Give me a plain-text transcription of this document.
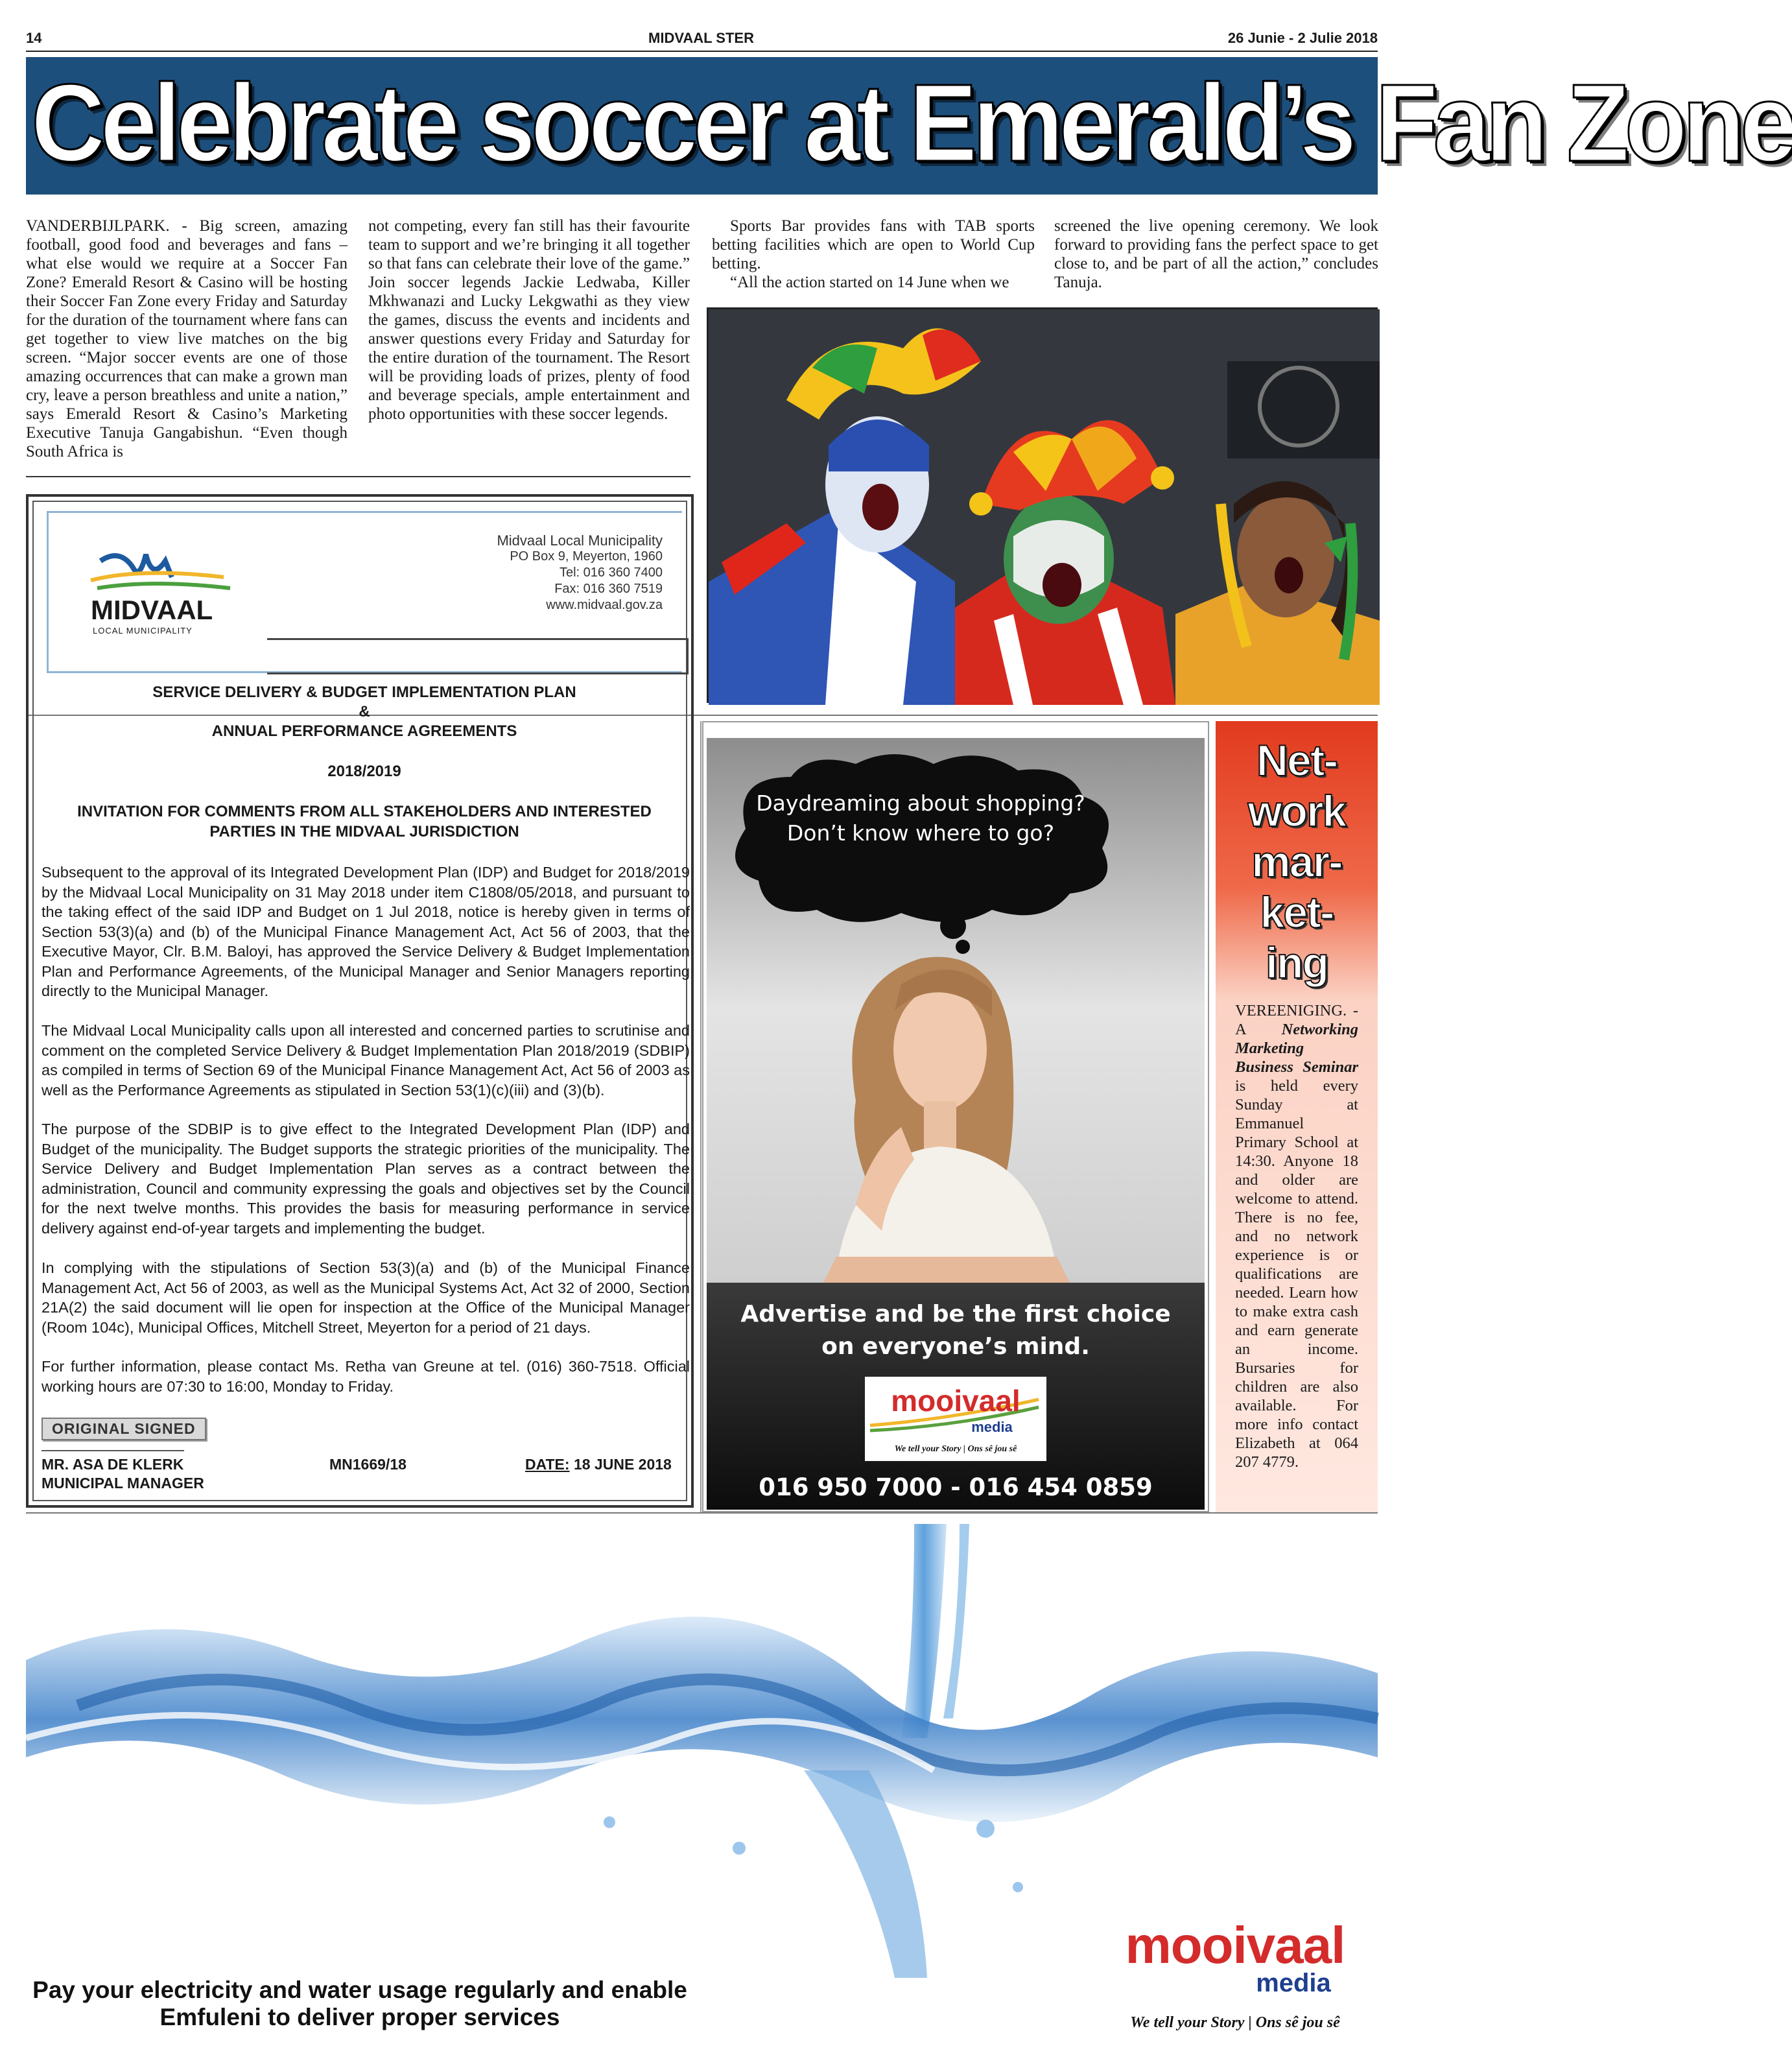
14	MIDVAAL STER	26 Junie - 2 Julie 2018
Celebrate soccer at Emerald’s Fan Zone

VANDERBIJLPARK. - Big screen, amazing football, good food and beverages and fans – what else would we require at a Soccer Fan Zone? Emerald Resort & Casino will be hosting their Soccer Fan Zone every Friday and Saturday for the duration of the tournament where fans can get together to view live matches on the big screen. “Major soccer events are one of those amazing occurrences that can make a grown man cry, leave a person breathless and unite a nation,” says Emerald Resort & Casino’s Marketing Executive Tanuja Gangabishun. “Even though South Africa is

not competing, every fan still has their favourite team to support and we’re bringing it all together so that fans can celebrate their love of the game.” Join soccer legends Jackie Ledwaba, Killer Mkhwanazi and Lucky Lekgwathi as they view the games, discuss the events and incidents and answer questions every Friday and Saturday for the entire duration of the tournament. The Resort will be providing loads of prizes, plenty of food and beverage specials, ample entertainment and photo opportunities with these soccer legends.

Sports Bar provides fans with TAB sports betting facilities which are open to World Cup betting.

“All the action started on 14 June when we

screened the live opening ceremony. We look forward to providing fans the perfect space to get close to, and be part of all the action,” concludes Tanuja.

MIDVAAL
LOCAL MUNICIPALITY
Midvaal Local Municipality
PO Box 9, Meyerton, 1960
Tel: 016 360 7400
Fax: 016 360 7519
www.midvaal.gov.za
SERVICE DELIVERY & BUDGET IMPLEMENTATION PLAN
&
ANNUAL PERFORMANCE AGREEMENTS
2018/2019
INVITATION FOR COMMENTS FROM ALL STAKEHOLDERS AND INTERESTED PARTIES IN THE MIDVAAL JURISDICTION

Subsequent to the approval of its Integrated Development Plan (IDP) and Budget for 2018/2019 by the Midvaal Local Municipality on 31 May 2018 under item C1808/05/2018, and pursuant to the taking effect of the said IDP and Budget on 1 Jul 2018, notice is hereby given in terms of Section 53(3)(a) and (b) of the Municipal Finance Management Act, Act 56 of 2003, that the Executive Mayor, Clr. B.M. Baloyi, has approved the Service Delivery & Budget Implementation Plan and Performance Agreements, of the Municipal Manager and Senior Managers reporting directly to the Municipal Manager.

The Midvaal Local Municipality calls upon all interested and concerned parties to scrutinise and comment on the completed Service Delivery & Budget Implementation Plan 2018/2019 (SDBIP) as compiled in terms of Section 69 of the Municipal Finance Management Act, Act 56 of 2003 as well as the Performance Agreements as stipulated in Section 53(1)(c)(iii) and (3)(b).

The purpose of the SDBIP is to give effect to the Integrated Development Plan (IDP) and Budget of the municipality. The Budget supports the strategic priorities of the municipality. The Service Delivery and Budget Implementation Plan serves as a contract between the administration, Council and community expressing the goals and objectives set by the Council for the next twelve months. This provides the basis for measuring performance in service delivery against end-of-year targets and implementing the budget.

In complying with the stipulations of Section 53(3)(a) and (b) of the Municipal Finance Management Act, Act 56 of 2003, as well as the Municipal Systems Act, Act 32 of 2000, Section 21A(2) the said document will lie open for inspection at the Office of the Municipal Manager (Room 104c), Municipal Offices, Mitchell Street, Meyerton for a period of 21 days.

For further information, please contact Ms. Retha van Greune at tel. (016) 360-7518. Official working hours are 07:30 to 16:00, Monday to Friday.

ORIGINAL SIGNED
MR. ASA DE KLERK
MUNICIPAL MANAGER
MN1669/18	DATE: 18 JUNE 2018
Daydreaming about shopping?
Don’t know where to go?
Advertise and be the first choice
on everyone’s mind.
mooivaal
media
We tell your Story | Ons sê jou sê
016 950 7000 - 016 454 0859
Net-
work
mar-
ket-
ing

VEREENIGING. - A Networking Marketing Business Seminar is held every Sunday at Emmanuel Primary School at 14:30. Anyone 18 and older are welcome to attend. There is no fee, and no network experience is or qualifications are needed. Learn how to make extra cash and earn generate an income. Bursaries for children are also available. For more info contact Elizabeth at 064 207 4779.

Pay your electricity and water usage regularly and enable
Emfuleni to deliver proper services
mooivaal
media
We tell your Story | Ons sê jou sê
